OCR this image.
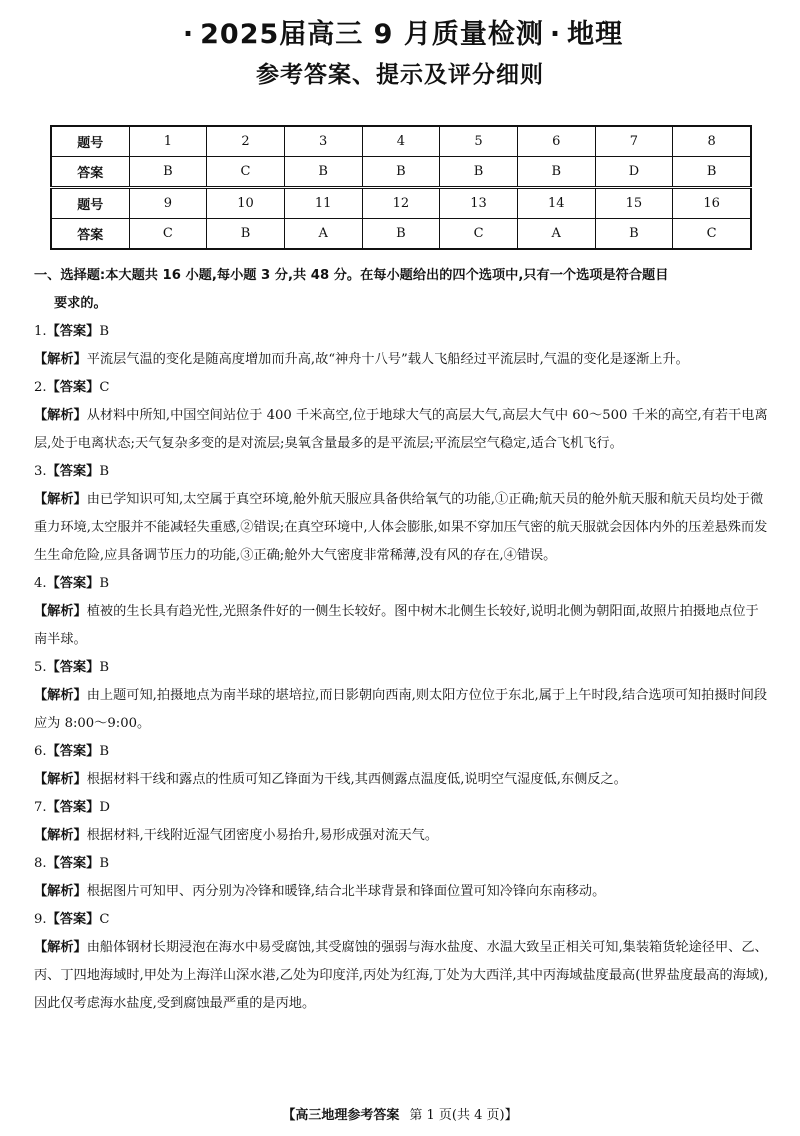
· 2025届高三 9 月质量检测 · 地理
参考答案、提示及评分细则
题号	1	2	3	4	5	6	7	8
答案	B	C	B	B	B	B	D	B
题号	9	10	11	12	13	14	15	16
答案	C	B	A	B	C	A	B	C
一、选择题:本大题共 16 小题,每小题 3 分,共 48 分。在每小题给出的四个选项中,只有一个选项是符合题目
要求的。
1.【答案】B
【解析】平流层气温的变化是随高度增加而升高,故“神舟十八号”载人飞船经过平流层时,气温的变化是逐渐上升。
2.【答案】C
【解析】从材料中所知,中国空间站位于 400 千米高空,位于地球大气的高层大气,高层大气中 60～500 千米的高空,有若干电离层,处于电离状态;天气复杂多变的是对流层;臭氧含量最多的是平流层;平流层空气稳定,适合飞机飞行。
3.【答案】B
【解析】由已学知识可知,太空属于真空环境,舱外航天服应具备供给氧气的功能,①正确;航天员的舱外航天服和航天员均处于微重力环境,太空服并不能减轻失重感,②错误;在真空环境中,人体会膨胀,如果不穿加压气密的航天服就会因体内外的压差悬殊而发生生命危险,应具备调节压力的功能,③正确;舱外大气密度非常稀薄,没有风的存在,④错误。
4.【答案】B
【解析】植被的生长具有趋光性,光照条件好的一侧生长较好。图中树木北侧生长较好,说明北侧为朝阳面,故照片拍摄地点位于南半球。
5.【答案】B
【解析】由上题可知,拍摄地点为南半球的堪培拉,而日影朝向西南,则太阳方位位于东北,属于上午时段,结合选项可知拍摄时间段应为 8:00～9:00。
6.【答案】B
【解析】根据材料干线和露点的性质可知乙锋面为干线,其西侧露点温度低,说明空气湿度低,东侧反之。
7.【答案】D
【解析】根据材料,干线附近湿气团密度小易抬升,易形成强对流天气。
8.【答案】B
【解析】根据图片可知甲、丙分别为冷锋和暖锋,结合北半球背景和锋面位置可知冷锋向东南移动。
9.【答案】C
【解析】由船体钢材长期浸泡在海水中易受腐蚀,其受腐蚀的强弱与海水盐度、水温大致呈正相关可知,集装箱货轮途径甲、乙、丙、丁四地海域时,甲处为上海洋山深水港,乙处为印度洋,丙处为红海,丁处为大西洋,其中丙海域盐度最高(世界盐度最高的海域),因此仅考虑海水盐度,受到腐蚀最严重的是丙地。
【高三地理参考答案 第 1 页(共 4 页)】
